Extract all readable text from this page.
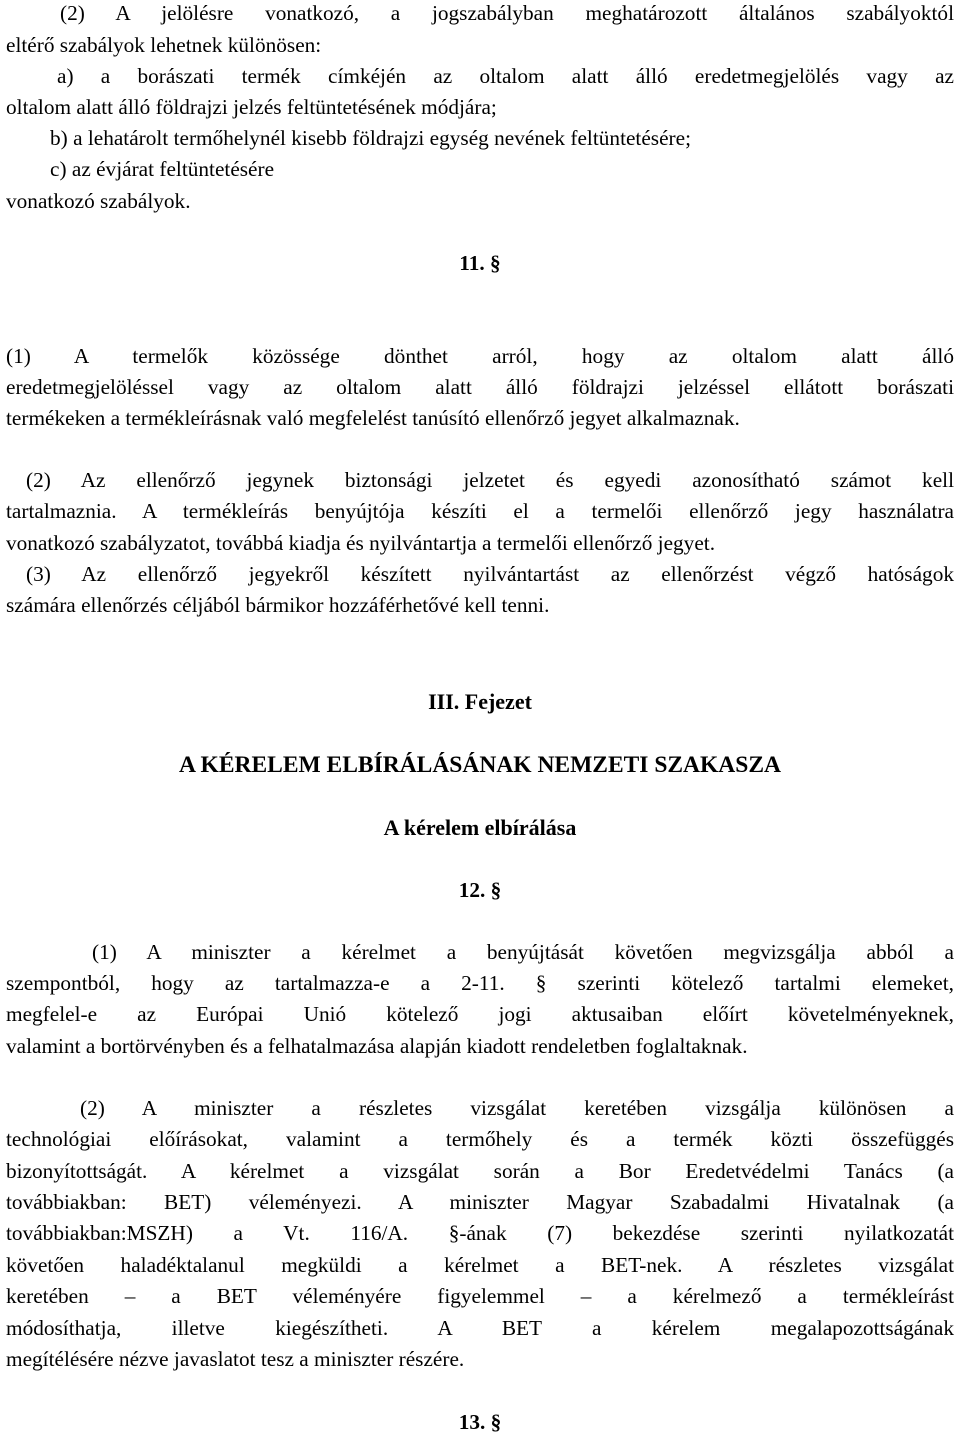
(2) A jelölésre vonatkozó, a jogszabályban meghatározott általános szabályoktól
eltérő szabályok lehetnek különösen:
a) a borászati termék címkéjén az oltalom alatt álló eredetmegjelölés vagy az
oltalom alatt álló földrajzi jelzés feltüntetésének módjára;
b) a lehatárolt termőhelynél kisebb földrajzi egység nevének feltüntetésére;
c) az évjárat feltüntetésére
vonatkozó szabályok.
11. §
(1) A termelők közössége dönthet arról, hogy az oltalom alatt álló
eredetmegjelöléssel vagy az oltalom alatt álló földrajzi jelzéssel ellátott borászati
termékeken a termékleírásnak való megfelelést tanúsító ellenőrző jegyet alkalmaznak.
(2) Az ellenőrző jegynek biztonsági jelzetet és egyedi azonosítható számot kell
tartalmaznia. A termékleírás benyújtója készíti el a termelői ellenőrző jegy használatra
vonatkozó szabályzatot, továbbá kiadja és nyilvántartja a termelői ellenőrző jegyet.
(3) Az ellenőrző jegyekről készített nyilvántartást az ellenőrzést végző hatóságok
számára ellenőrzés céljából bármikor hozzáférhetővé kell tenni.
III. Fejezet
A KÉRELEM ELBÍRÁLÁSÁNAK NEMZETI SZAKASZA
A kérelem elbírálása
12. §
(1) A miniszter a kérelmet a benyújtását követően megvizsgálja abból a
szempontból, hogy az tartalmazza-e a 2-11. § szerinti kötelező tartalmi elemeket,
megfelel-e az Európai Unió kötelező jogi aktusaiban előírt követelményeknek,
valamint a bortörvényben és a felhatalmazása alapján kiadott rendeletben foglaltaknak.
(2) A miniszter a részletes vizsgálat keretében vizsgálja különösen a
technológiai előírásokat, valamint a termőhely és a termék közti összefüggés
bizonyítottságát. A kérelmet a vizsgálat során a Bor Eredetvédelmi Tanács (a
továbbiakban: BET) véleményezi. A miniszter Magyar Szabadalmi Hivatalnak (a
továbbiakban:MSZH) a Vt. 116/A. §-ának (7) bekezdése szerinti nyilatkozatát
követően haladéktalanul megküldi a kérelmet a BET-nek. A részletes vizsgálat
keretében – a BET véleményére figyelemmel – a kérelmező a termékleírást
módosíthatja, illetve kiegészítheti. A BET a kérelem megalapozottságának
megítélésére nézve javaslatot tesz a miniszter részére.
13. §
